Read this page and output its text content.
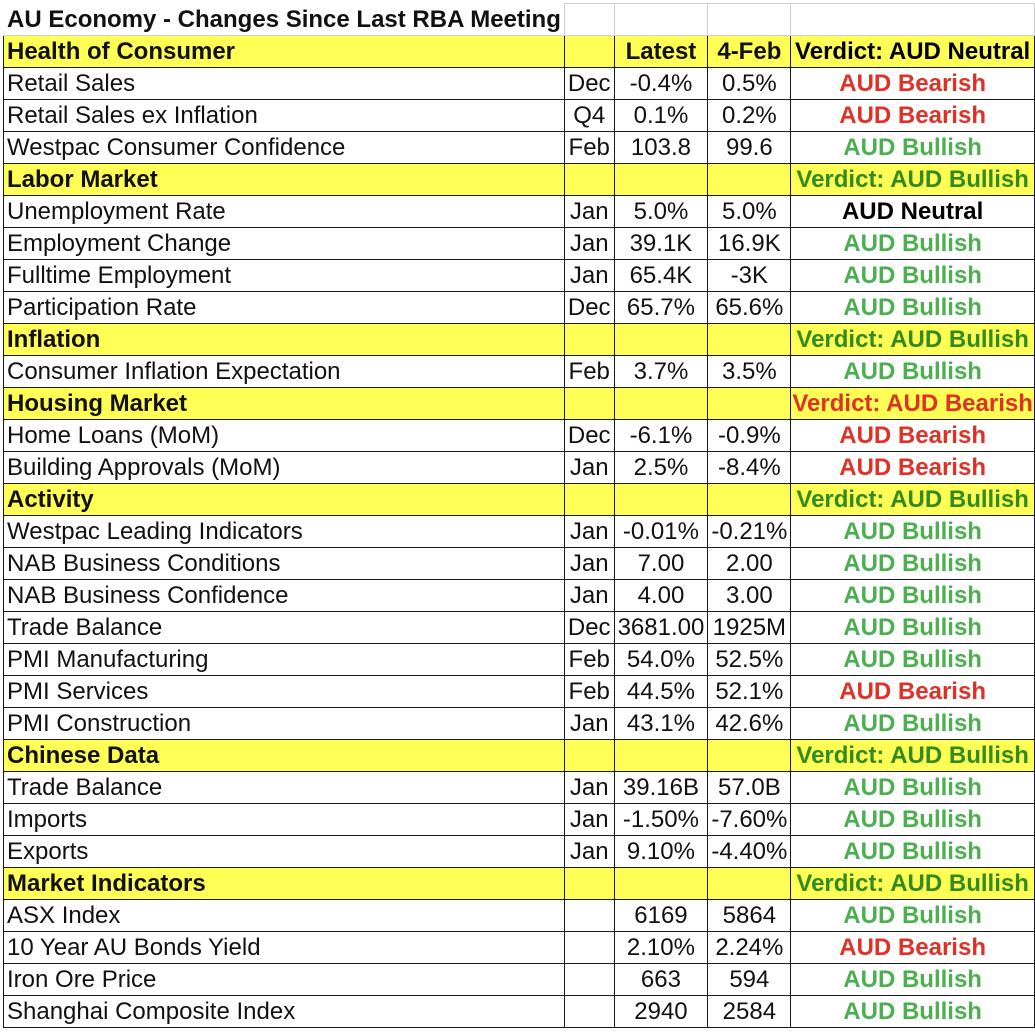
AU Economy - Changes Since Last RBA Meeting				
Health of Consumer		Latest	4-Feb	Verdict: AUD Neutral
Retail Sales	Dec	-0.4%	0.5%	AUD Bearish
Retail Sales ex Inflation	Q4	0.1%	0.2%	AUD Bearish
Westpac Consumer Confidence	Feb	103.8	99.6	AUD Bullish
Labor Market				Verdict: AUD Bullish
Unemployment Rate	Jan	5.0%	5.0%	AUD Neutral
Employment Change	Jan	39.1K	16.9K	AUD Bullish
Fulltime Employment	Jan	65.4K	-3K	AUD Bullish
Participation Rate	Dec	65.7%	65.6%	AUD Bullish
Inflation				Verdict: AUD Bullish
Consumer Inflation Expectation	Feb	3.7%	3.5%	AUD Bullish
Housing Market				Verdict: AUD Bearish
Home Loans (MoM)	Dec	-6.1%	-0.9%	AUD Bearish
Building Approvals (MoM)	Jan	2.5%	-8.4%	AUD Bearish
Activity				Verdict: AUD Bullish
Westpac Leading Indicators	Jan	-0.01%	-0.21%	AUD Bullish
NAB Business Conditions	Jan	7.00	2.00	AUD Bullish
NAB Business Confidence	Jan	4.00	3.00	AUD Bullish
Trade Balance	Dec	3681.00	1925M	AUD Bullish
PMI Manufacturing	Feb	54.0%	52.5%	AUD Bullish
PMI Services	Feb	44.5%	52.1%	AUD Bearish
PMI Construction	Jan	43.1%	42.6%	AUD Bullish
Chinese Data				Verdict: AUD Bullish
Trade Balance	Jan	39.16B	57.0B	AUD Bullish
Imports	Jan	-1.50%	-7.60%	AUD Bullish
Exports	Jan	9.10%	-4.40%	AUD Bullish
Market Indicators				Verdict: AUD Bullish
ASX Index		6169	5864	AUD Bullish
10 Year AU Bonds Yield		2.10%	2.24%	AUD Bearish
Iron Ore Price		663	594	AUD Bullish
Shanghai Composite Index		2940	2584	AUD Bullish
